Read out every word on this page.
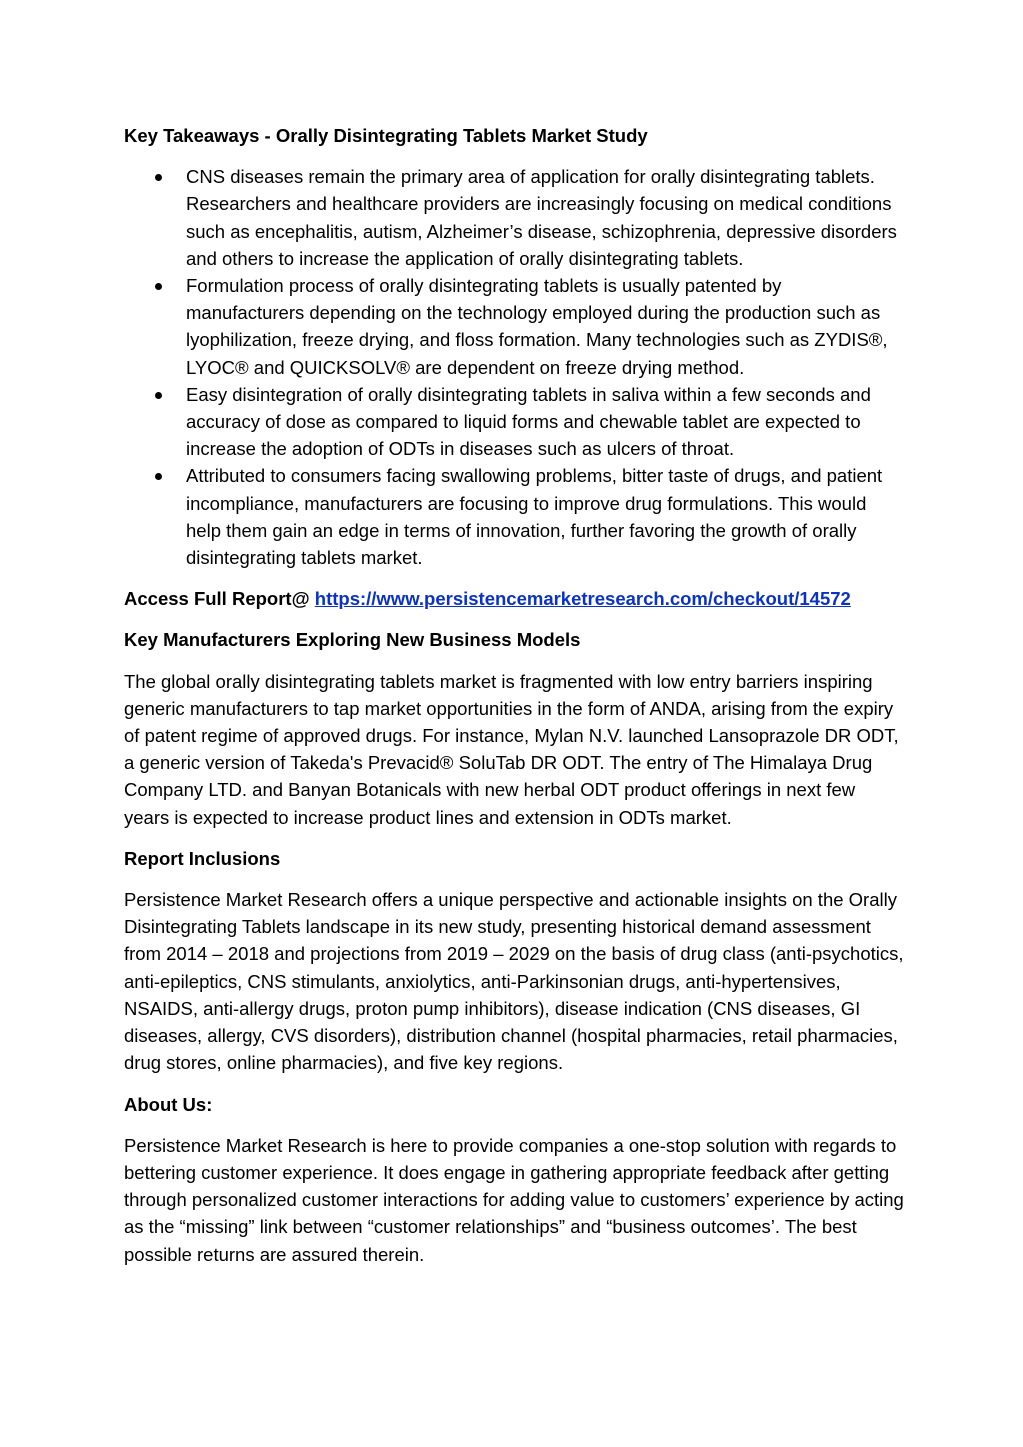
Key Takeaways - Orally Disintegrating Tablets Market Study

CNS diseases remain the primary area of application for orally disintegrating tablets. Researchers and healthcare providers are increasingly focusing on medical conditions such as encephalitis, autism, Alzheimer’s disease, schizophrenia, depressive disorders and others to increase the application of orally disintegrating tablets.
Formulation process of orally disintegrating tablets is usually patented by manufacturers depending on the technology employed during the production such as lyophilization, freeze drying, and floss formation. Many technologies such as ZYDIS®, LYOC® and QUICKSOLV® are dependent on freeze drying method.
Easy disintegration of orally disintegrating tablets in saliva within a few seconds and accuracy of dose as compared to liquid forms and chewable tablet are expected to increase the adoption of ODTs in diseases such as ulcers of throat.
Attributed to consumers facing swallowing problems, bitter taste of drugs, and patient incompliance, manufacturers are focusing to improve drug formulations. This would help them gain an edge in terms of innovation, further favoring the growth of orally disintegrating tablets market.

Access Full Report@ https://www.persistencemarketresearch.com/checkout/14572

Key Manufacturers Exploring New Business Models

The global orally disintegrating tablets market is fragmented with low entry barriers inspiring generic manufacturers to tap market opportunities in the form of ANDA, arising from the expiry of patent regime of approved drugs. For instance, Mylan N.V. launched Lansoprazole DR ODT, a generic version of Takeda's Prevacid® SoluTab DR ODT. The entry of The Himalaya Drug Company LTD. and Banyan Botanicals with new herbal ODT product offerings in next few years is expected to increase product lines and extension in ODTs market.

Report Inclusions

Persistence Market Research offers a unique perspective and actionable insights on the Orally Disintegrating Tablets landscape in its new study, presenting historical demand assessment from 2014 – 2018 and projections from 2019 – 2029 on the basis of drug class (anti-psychotics, anti-epileptics, CNS stimulants, anxiolytics, anti-Parkinsonian drugs, anti-hypertensives, NSAIDS, anti-allergy drugs, proton pump inhibitors), disease indication (CNS diseases, GI diseases, allergy, CVS disorders), distribution channel (hospital pharmacies, retail pharmacies, drug stores, online pharmacies), and five key regions.

About Us:

Persistence Market Research is here to provide companies a one-stop solution with regards to bettering customer experience. It does engage in gathering appropriate feedback after getting through personalized customer interactions for adding value to customers’ experience by acting as the “missing” link between “customer relationships” and “business outcomes’. The best possible returns are assured therein.
